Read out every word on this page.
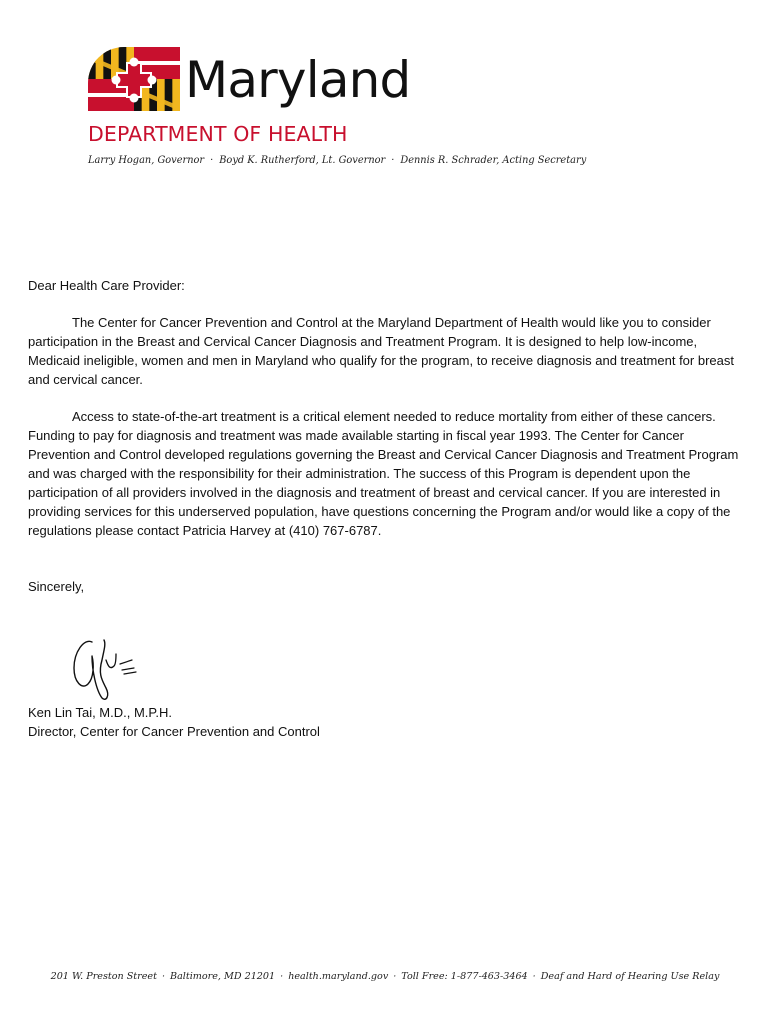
Maryland
DEPARTMENT OF HEALTH
Larry Hogan, Governor · Boyd K. Rutherford, Lt. Governor · Dennis R. Schrader, Acting Secretary

Dear Health Care Provider:

The Center for Cancer Prevention and Control at the Maryland Department of Health would like you to consider participation in the Breast and Cervical Cancer Diagnosis and Treatment Program. It is designed to help low-income, Medicaid ineligible, women and men in Maryland who qualify for the program, to receive diagnosis and treatment for breast and cervical cancer.

Access to state-of-the-art treatment is a critical element needed to reduce mortality from either of these cancers. Funding to pay for diagnosis and treatment was made available starting in fiscal year 1993. The Center for Cancer Prevention and Control developed regulations governing the Breast and Cervical Cancer Diagnosis and Treatment Program and was charged with the responsibility for their administration. The success of this Program is dependent upon the participation of all providers involved in the diagnosis and treatment of breast and cervical cancer. If you are interested in providing services for this underserved population, have questions concerning the Program and/or would like a copy of the regulations please contact Patricia Harvey at (410) 767-6787.

Sincerely,

Ken Lin Tai, M.D., M.P.H.
Director, Center for Cancer Prevention and Control
201 W. Preston Street · Baltimore, MD 21201 · health.maryland.gov · Toll Free: 1-877-463-3464 · Deaf and Hard of Hearing Use Relay
